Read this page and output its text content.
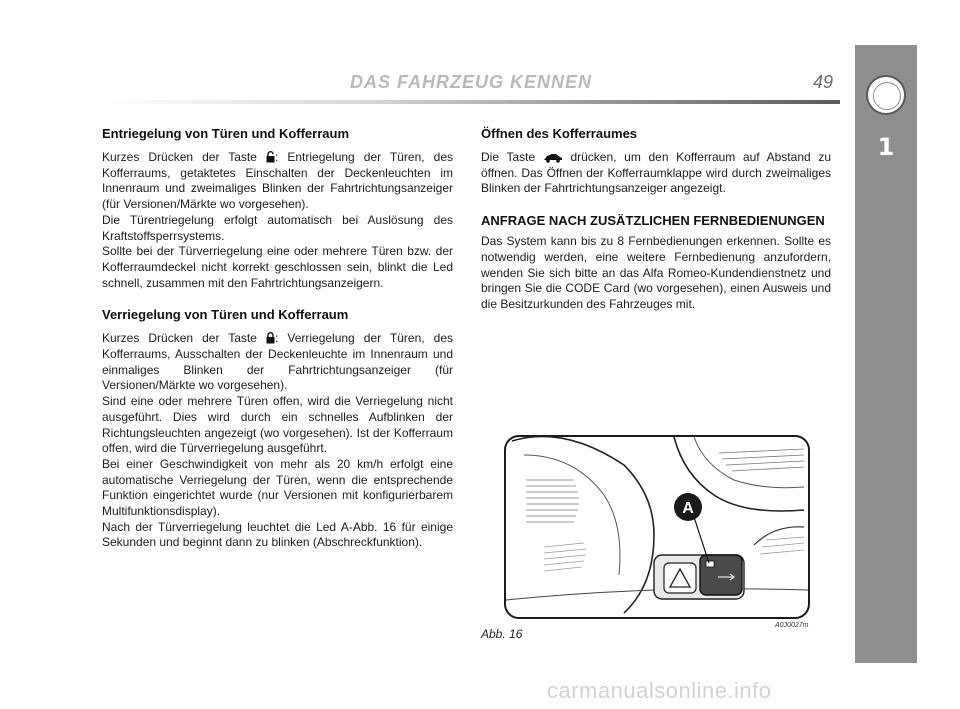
DAS FAHRZEUG KENNEN	49
1
Entriegelung von Türen und Kofferraum

Kurzes Drücken der Taste : Entriegelung der Türen, des Kofferraums, getaktetes Einschalten der Deckenleuchten im Innenraum und zweimaliges Blinken der Fahrtrichtungsanzeiger (für Versionen/Märkte wo vorgesehen).

Die Türentriegelung erfolgt automatisch bei Auslösung des Kraftstoffsperrsystems.

Sollte bei der Türverriegelung eine oder mehrere Türen bzw. der Kofferraumdeckel nicht korrekt geschlossen sein, blinkt die Led schnell, zusammen mit den Fahrtrichtungsanzeigern.

Verriegelung von Türen und Kofferraum

Kurzes Drücken der Taste : Verriegelung der Türen, des Kofferraums, Ausschalten der Deckenleuchte im Innenraum und einmaliges Blinken der Fahrtrichtungsanzeiger (für Versionen/Märkte wo vorgesehen).

Sind eine oder mehrere Türen offen, wird die Verriegelung nicht ausgeführt. Dies wird durch ein schnelles Aufblinken der Richtungsleuchten angezeigt (wo vorgesehen). Ist der Kofferraum offen, wird die Türverriegelung ausgeführt.

Bei einer Geschwindigkeit von mehr als 20 km/h erfolgt eine automatische Verriegelung der Türen, wenn die entsprechende Funktion eingerichtet wurde (nur Versionen mit konfigurierbarem Multifunktionsdisplay).

Nach der Türverriegelung leuchtet die Led A-Abb. 16 für einige Sekunden und beginnt dann zu blinken (Abschreckfunktion).

Öffnen des Kofferraumes

Die Taste  drücken, um den Kofferraum auf Abstand zu öffnen. Das Öffnen der Kofferraumklappe wird durch zweimaliges Blinken der Fahrtrichtungsanzeiger angezeigt.

ANFRAGE NACH ZUSÄTZLICHEN FERNBEDIENUNGEN

Das System kann bis zu 8 Fernbedienungen erkennen. Sollte es notwendig werden, eine weitere Fernbedienung anzufordern, wenden Sie sich bitte an das Alfa Romeo-Kundendienstnetz und bringen Sie die CODE Card (wo vorgesehen), einen Ausweis und die Besitzurkunden des Fahrzeuges mit.

A
Abb. 16
A0J0027m
carmanualsonline.info
